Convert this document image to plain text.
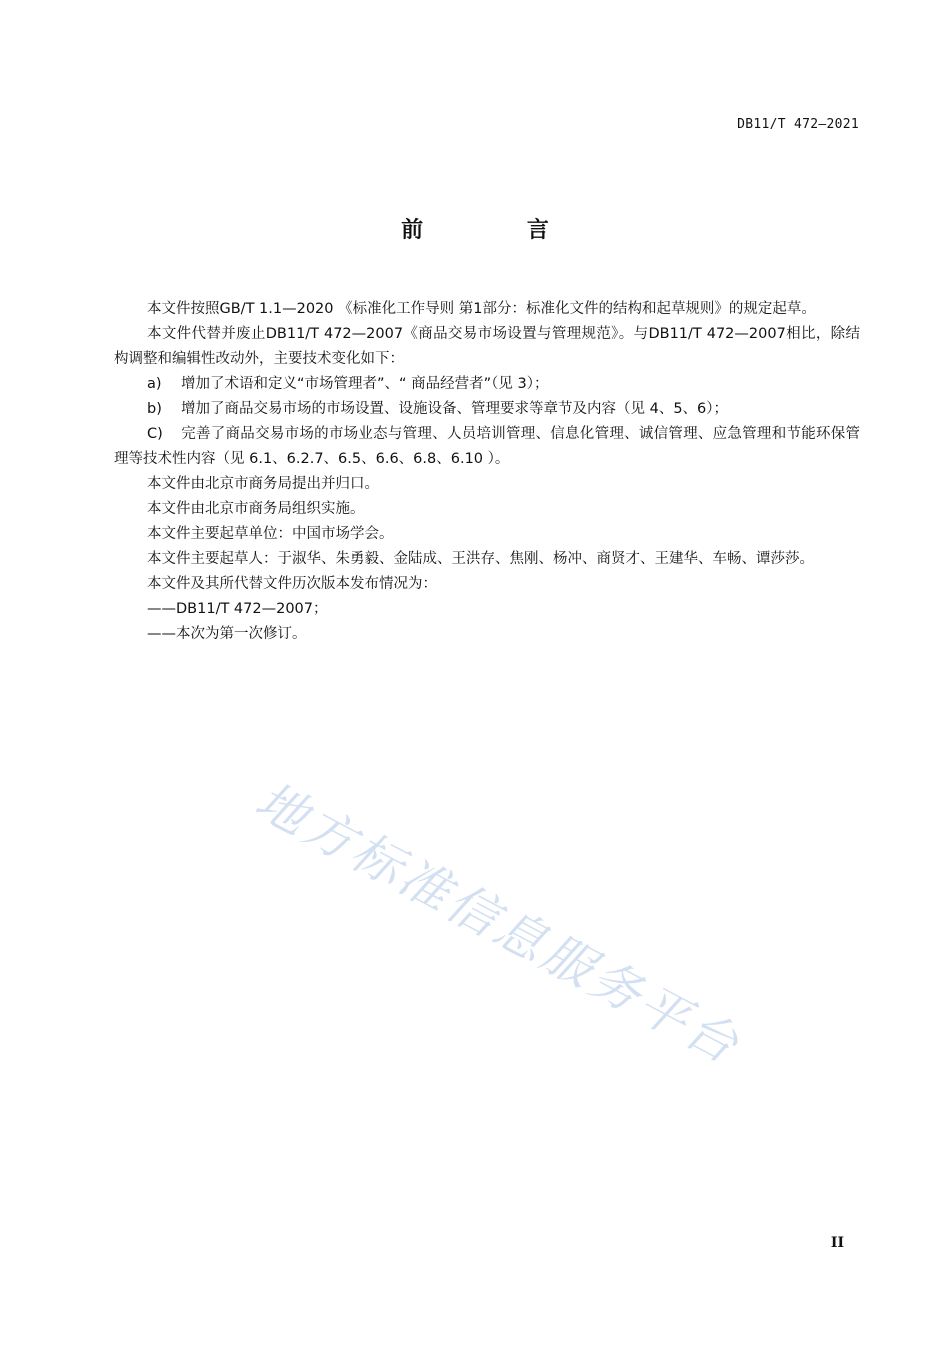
DB11/T 472—2021
前 言

本文件按照GB/T 1.1—2020 《标准化工作导则 第1部分：标准化文件的结构和起草规则》的规定起草。

本文件代替并废止DB11/T 472—2007《商品交易市场设置与管理规范》。与DB11/T 472—2007相比，除结构调整和编辑性改动外，主要技术变化如下：

a) 增加了术语和定义“市场管理者”、“ 商品经营者”（见 3）；

b) 增加了商品交易市场的市场设置、设施设备、管理要求等章节及内容（见 4、5、6）；

C) 完善了商品交易市场的市场业态与管理、人员培训管理、信息化管理、诚信管理、应急管理和节能环保管理等技术性内容（见 6.1、6.2.7、6.5、6.6、6.8、6.10 ）。

本文件由北京市商务局提出并归口。

本文件由北京市商务局组织实施。

本文件主要起草单位：中国市场学会。

本文件主要起草人：于淑华、朱勇毅、金陆成、王洪存、焦刚、杨冲、商贤才、王建华、车畅、谭莎莎。

本文件及其所代替文件历次版本发布情况为：

——DB11/T 472—2007；

——本次为第一次修订。

地方标准信息服务平台
II
